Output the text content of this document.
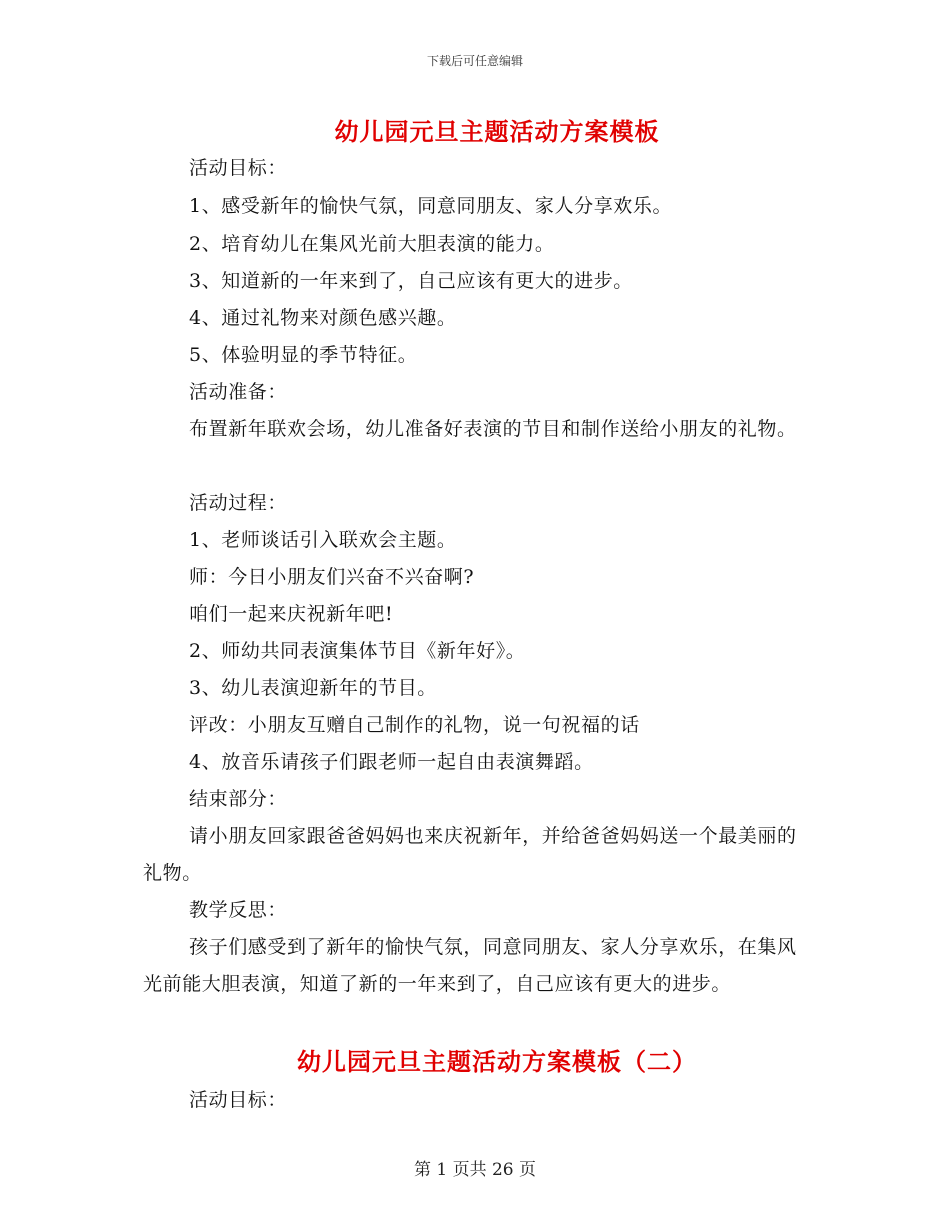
下载后可任意编辑
幼儿园元旦主题活动方案模板

活动目标：

1、感受新年的愉快气氛，同意同朋友、家人分享欢乐。

2、培育幼儿在集风光前大胆表演的能力。

3、知道新的一年来到了，自己应该有更大的进步。

4、通过礼物来对颜色感兴趣。

5、体验明显的季节特征。

活动准备：

布置新年联欢会场，幼儿准备好表演的节目和制作送给小朋友的礼物。

活动过程：

1、老师谈话引入联欢会主题。

师：今日小朋友们兴奋不兴奋啊?

咱们一起来庆祝新年吧!

2、师幼共同表演集体节目《新年好》。

3、幼儿表演迎新年的节目。

评改：小朋友互赠自己制作的礼物，说一句祝福的话

4、放音乐请孩子们跟老师一起自由表演舞蹈。

结束部分：

请小朋友回家跟爸爸妈妈也来庆祝新年，并给爸爸妈妈送一个最美丽的礼物。

教学反思：

孩子们感受到了新年的愉快气氛，同意同朋友、家人分享欢乐，在集风光前能大胆表演，知道了新的一年来到了，自己应该有更大的进步。

幼儿园元旦主题活动方案模板（二）

活动目标：

第 1 页共 26 页
